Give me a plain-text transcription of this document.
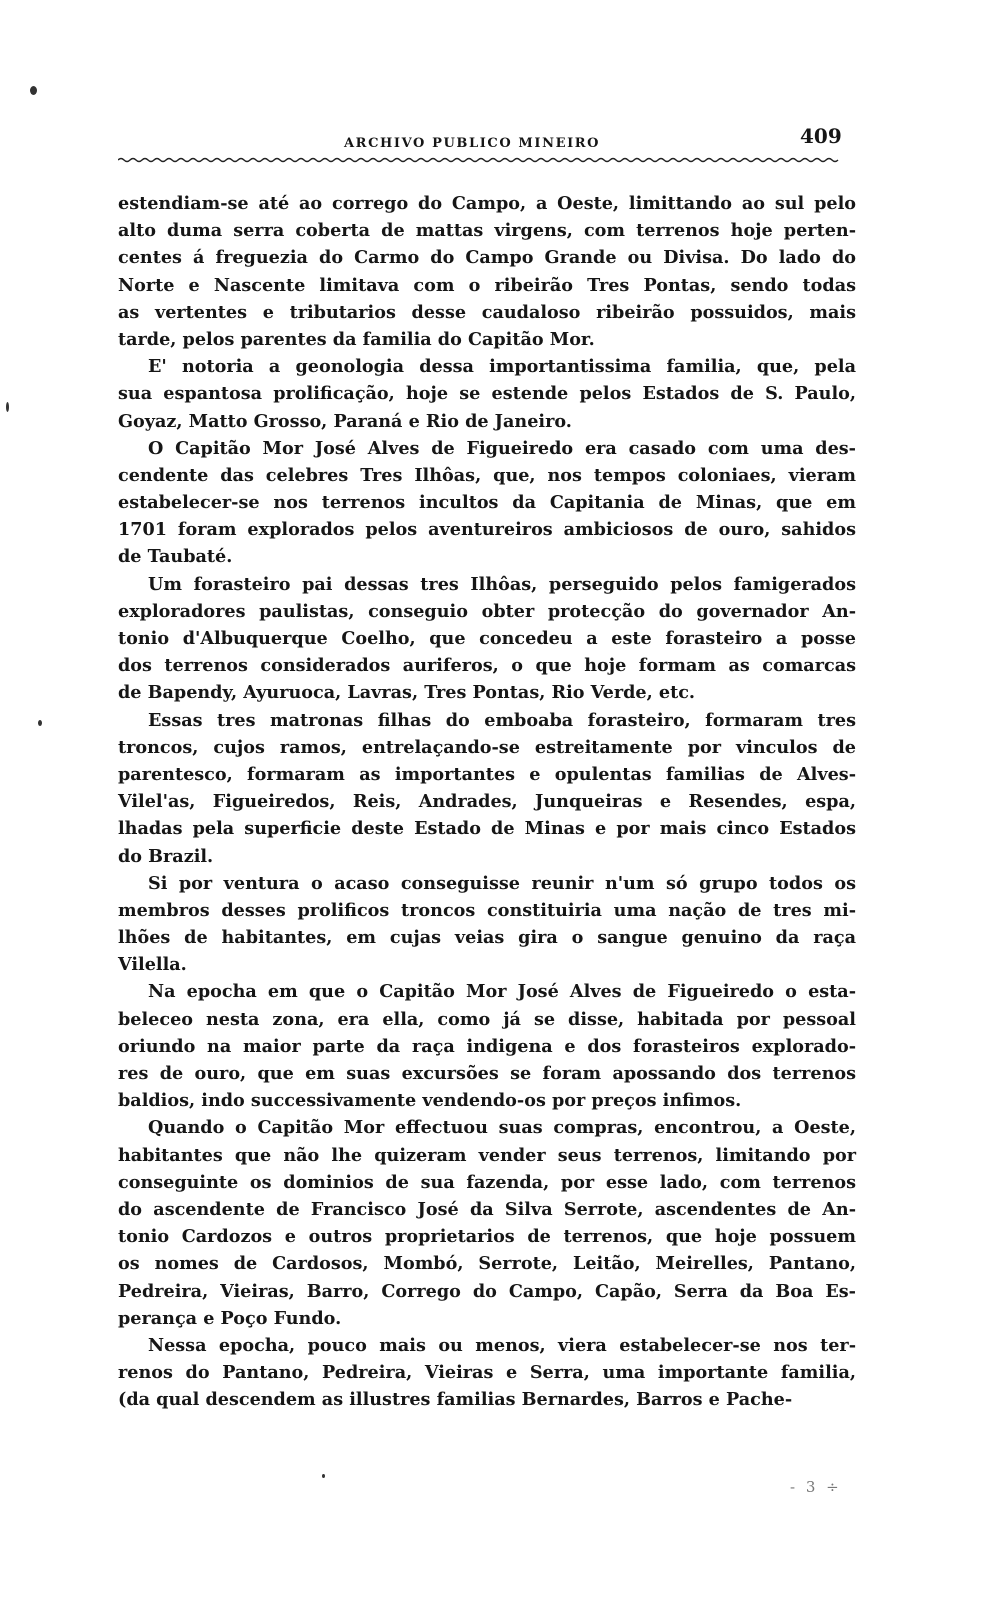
ARCHIVO PUBLICO MINEIRO	409
estendiam-se até ao corrego do Campo, a Oeste, limittando ao sul pelo
alto duma serra coberta de mattas virgens, com terrenos hoje perten-
centes á freguezia do Carmo do Campo Grande ou Divisa. Do lado do
Norte e Nascente limitava com o ribeirão Tres Pontas, sendo todas
as vertentes e tributarios desse caudaloso ribeirão possuidos, mais
tarde, pelos parentes da familia do Capitão Mor.
E' notoria a geonologia dessa importantissima familia, que, pela
sua espantosa prolificação, hoje se estende pelos Estados de S. Paulo,
Goyaz, Matto Grosso, Paraná e Rio de Janeiro.
O Capitão Mor José Alves de Figueiredo era casado com uma des-
cendente das celebres Tres Ilhôas, que, nos tempos coloniaes, vieram
estabelecer-se nos terrenos incultos da Capitania de Minas, que em
1701 foram explorados pelos aventureiros ambiciosos de ouro, sahidos
de Taubaté.
Um forasteiro pai dessas tres Ilhôas, perseguido pelos famigerados
exploradores paulistas, conseguio obter protecção do governador An-
tonio d'Albuquerque Coelho, que concedeu a este forasteiro a posse
dos terrenos considerados auriferos, o que hoje formam as comarcas
de Bapendy, Ayuruoca, Lavras, Tres Pontas, Rio Verde, etc.
Essas tres matronas filhas do emboaba forasteiro, formaram tres
troncos, cujos ramos, entrelaçando-se estreitamente por vinculos de
parentesco, formaram as importantes e opulentas familias de Alves-
Vilel'as, Figueiredos, Reis, Andrades, Junqueiras e Resendes, espa,
lhadas pela superficie deste Estado de Minas e por mais cinco Estados
do Brazil.
Si por ventura o acaso conseguisse reunir n'um só grupo todos os
membros desses prolificos troncos constituiria uma nação de tres mi-
lhões de habitantes, em cujas veias gira o sangue genuino da raça
Vilella.
Na epocha em que o Capitão Mor José Alves de Figueiredo o esta-
beleceo nesta zona, era ella, como já se disse, habitada por pessoal
oriundo na maior parte da raça indigena e dos forasteiros explorado-
res de ouro, que em suas excursões se foram apossando dos terrenos
baldios, indo successivamente vendendo-os por preços infimos.
Quando o Capitão Mor effectuou suas compras, encontrou, a Oeste,
habitantes que não lhe quizeram vender seus terrenos, limitando por
conseguinte os dominios de sua fazenda, por esse lado, com terrenos
do ascendente de Francisco José da Silva Serrote, ascendentes de An-
tonio Cardozos e outros proprietarios de terrenos, que hoje possuem
os nomes de Cardosos, Mombó, Serrote, Leitão, Meirelles, Pantano,
Pedreira, Vieiras, Barro, Corrego do Campo, Capão, Serra da Boa Es-
perança e Poço Fundo.
Nessa epocha, pouco mais ou menos, viera estabelecer-se nos ter-
renos do Pantano, Pedreira, Vieiras e Serra, uma importante familia,
(da qual descendem as illustres familias Bernardes, Barros e Pache-
- 3 ÷
